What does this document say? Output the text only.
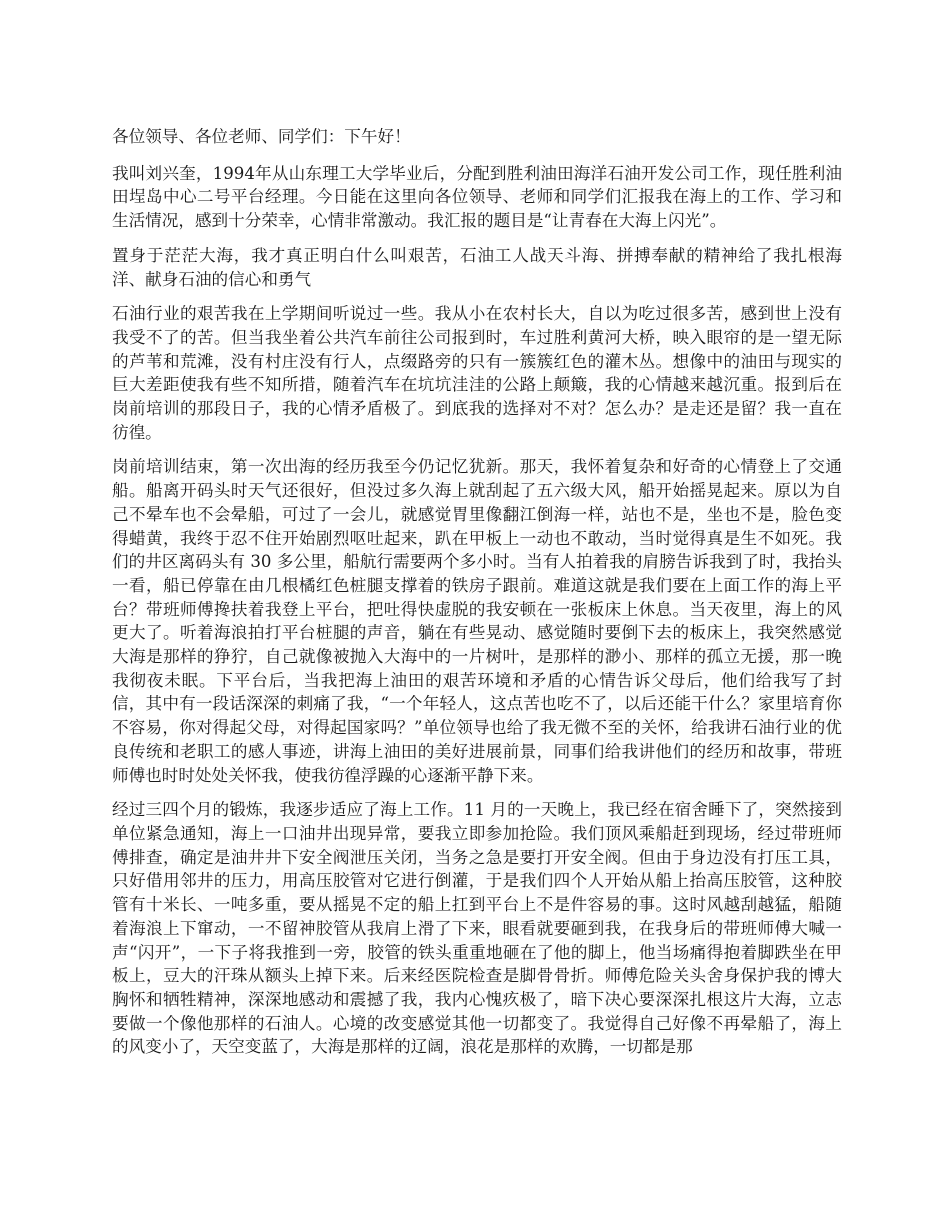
各位领导、各位老师、同学们：下午好！

我叫刘兴奎，1994年从山东理工大学毕业后，分配到胜利油田海洋石油开发公司工作，现任胜利油田埕岛中心二号平台经理。今日能在这里向各位领导、老师和同学们汇报我在海上的工作、学习和生活情况，感到十分荣幸，心情非常激动。我汇报的题目是“让青春在大海上闪光”。

置身于茫茫大海，我才真正明白什么叫艰苦，石油工人战天斗海、拼搏奉献的精神给了我扎根海洋、献身石油的信心和勇气

石油行业的艰苦我在上学期间听说过一些。我从小在农村长大，自以为吃过很多苦，感到世上没有我受不了的苦。但当我坐着公共汽车前往公司报到时，车过胜利黄河大桥，映入眼帘的是一望无际的芦苇和荒滩，没有村庄没有行人，点缀路旁的只有一簇簇红色的灌木丛。想像中的油田与现实的巨大差距使我有些不知所措，随着汽车在坑坑洼洼的公路上颠簸，我的心情越来越沉重。报到后在岗前培训的那段日子，我的心情矛盾极了。到底我的选择对不对？怎么办？是走还是留？我一直在彷徨。

岗前培训结束，第一次出海的经历我至今仍记忆犹新。那天，我怀着复杂和好奇的心情登上了交通船。船离开码头时天气还很好，但没过多久海上就刮起了五六级大风，船开始摇晃起来。原以为自己不晕车也不会晕船，可过了一会儿，就感觉胃里像翻江倒海一样，站也不是，坐也不是，脸色变得蜡黄，我终于忍不住开始剧烈呕吐起来，趴在甲板上一动也不敢动，当时觉得真是生不如死。我们的井区离码头有 30 多公里，船航行需要两个多小时。当有人拍着我的肩膀告诉我到了时，我抬头一看，船已停靠在由几根橘红色桩腿支撑着的铁房子跟前。难道这就是我们要在上面工作的海上平台？带班师傅搀扶着我登上平台，把吐得快虚脱的我安顿在一张板床上休息。当天夜里，海上的风更大了。听着海浪拍打平台桩腿的声音，躺在有些晃动、感觉随时要倒下去的板床上，我突然感觉大海是那样的狰狞，自己就像被抛入大海中的一片树叶，是那样的渺小、那样的孤立无援，那一晚我彻夜未眠。下平台后，当我把海上油田的艰苦环境和矛盾的心情告诉父母后，他们给我写了封信，其中有一段话深深的刺痛了我，“一个年轻人，这点苦也吃不了，以后还能干什么？家里培育你不容易，你对得起父母，对得起国家吗？”单位领导也给了我无微不至的关怀，给我讲石油行业的优良传统和老职工的感人事迹，讲海上油田的美好进展前景，同事们给我讲他们的经历和故事，带班师傅也时时处处关怀我，使我彷徨浮躁的心逐渐平静下来。

经过三四个月的锻炼，我逐步适应了海上工作。11 月的一天晚上，我已经在宿舍睡下了，突然接到单位紧急通知，海上一口油井出现异常，要我立即参加抢险。我们顶风乘船赶到现场，经过带班师傅排查，确定是油井井下安全阀泄压关闭，当务之急是要打开安全阀。但由于身边没有打压工具，只好借用邻井的压力，用高压胶管对它进行倒灌，于是我们四个人开始从船上抬高压胶管，这种胶管有十米长、一吨多重，要从摇晃不定的船上扛到平台上不是件容易的事。这时风越刮越猛，船随着海浪上下窜动，一不留神胶管从我肩上滑了下来，眼看就要砸到我，在我身后的带班师傅大喊一声“闪开”，一下子将我推到一旁，胶管的铁头重重地砸在了他的脚上，他当场痛得抱着脚跌坐在甲板上，豆大的汗珠从额头上掉下来。后来经医院检查是脚骨骨折。师傅危险关头舍身保护我的博大胸怀和牺牲精神，深深地感动和震撼了我，我内心愧疚极了，暗下决心要深深扎根这片大海，立志要做一个像他那样的石油人。心境的改变感觉其他一切都变了。我觉得自己好像不再晕船了，海上的风变小了，天空变蓝了，大海是那样的辽阔，浪花是那样的欢腾，一切都是那
